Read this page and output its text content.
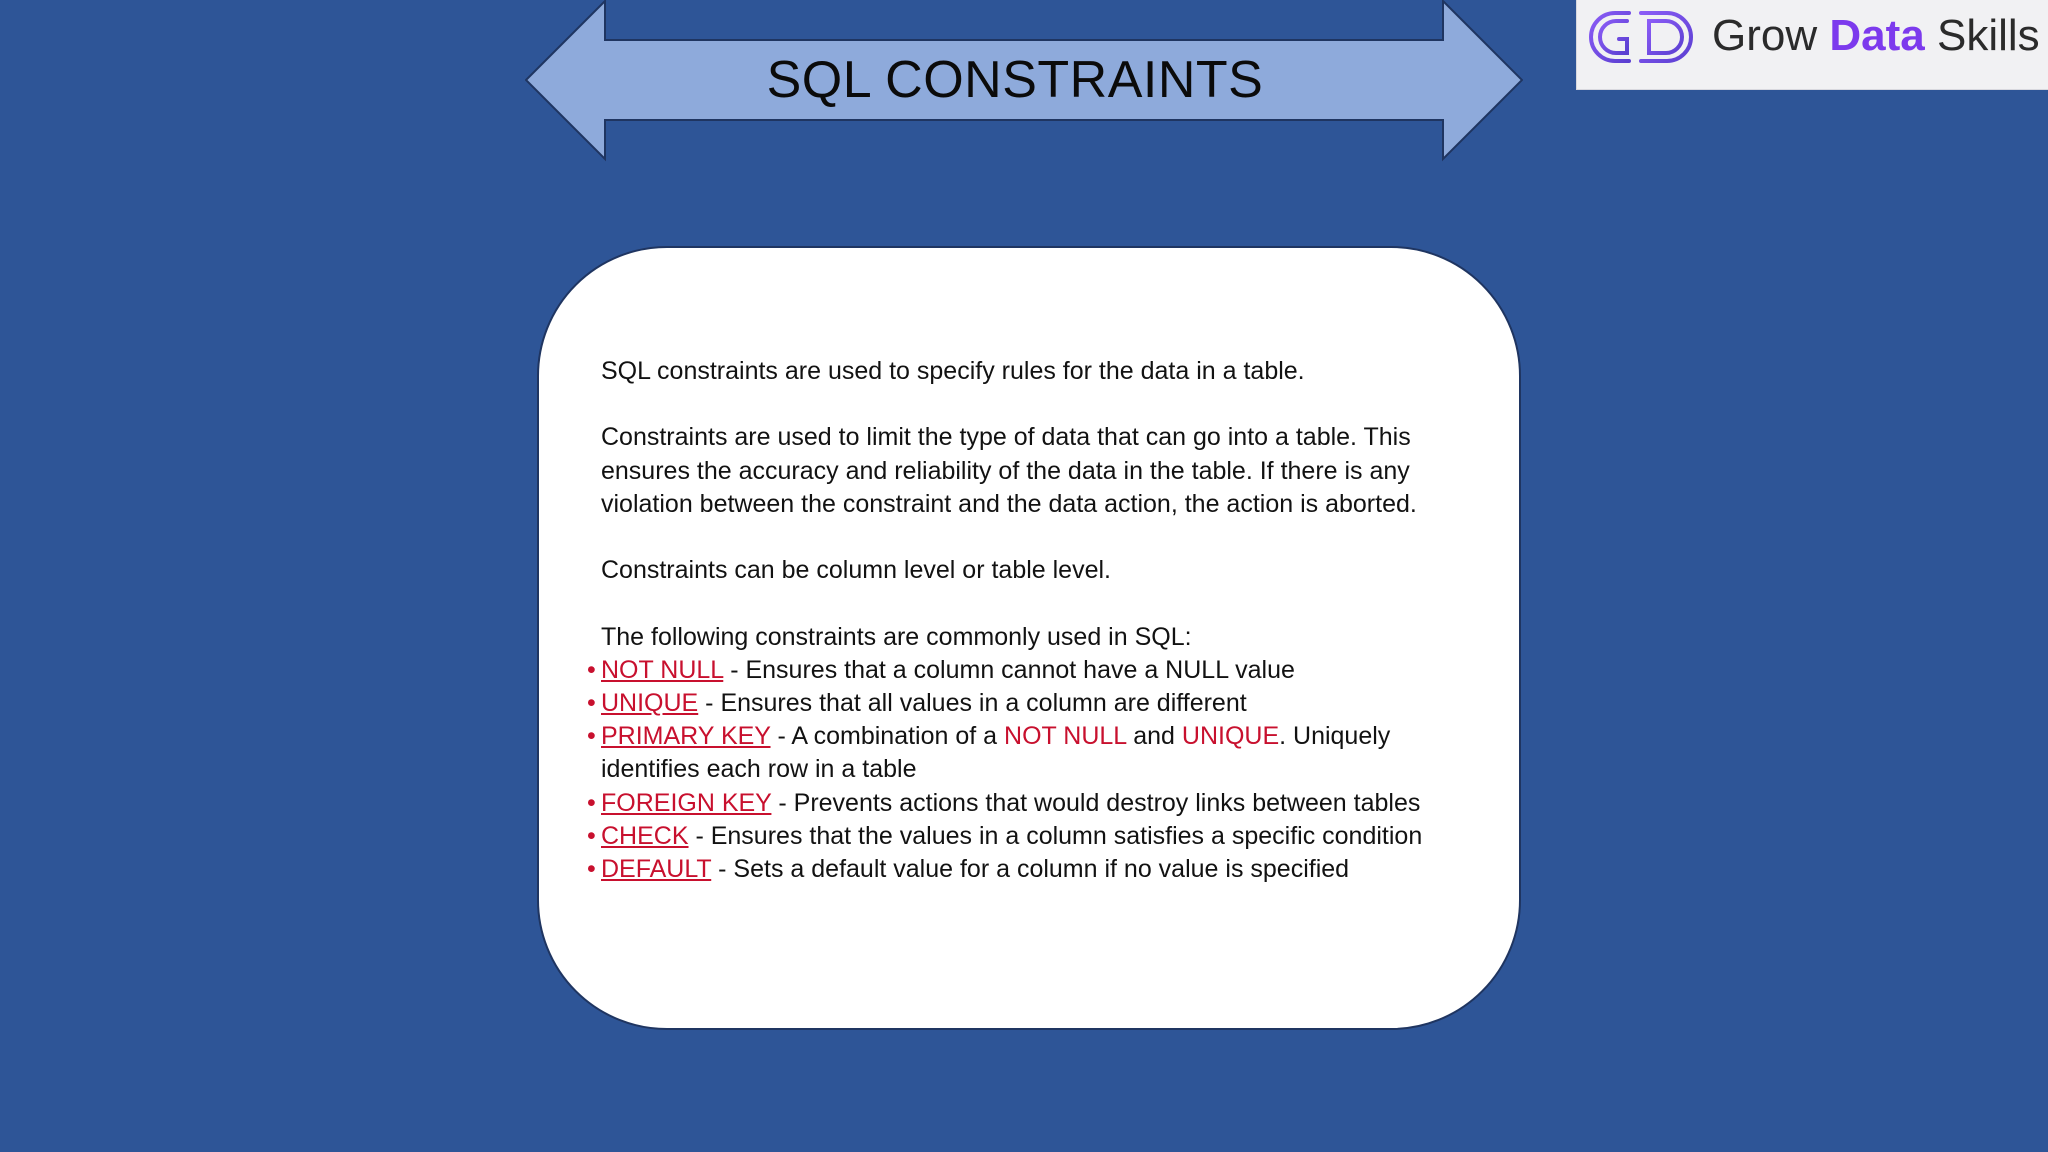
SQL CONSTRAINTS
Grow Data Skills

SQL constraints are used to specify rules for the data in a table.

Constraints are used to limit the type of data that can go into a table. This
ensures the accuracy and reliability of the data in the table. If there is any
violation between the constraint and the data action, the action is aborted.

Constraints can be column level or table level.

The following constraints are commonly used in SQL:

• NOT NULL - Ensures that a column cannot have a NULL value
• UNIQUE - Ensures that all values in a column are different
• PRIMARY KEY - A combination of a NOT NULL and UNIQUE. Uniquely
identifies each row in a table
• FOREIGN KEY - Prevents actions that would destroy links between tables
• CHECK - Ensures that the values in a column satisfies a specific condition
• DEFAULT - Sets a default value for a column if no value is specified
